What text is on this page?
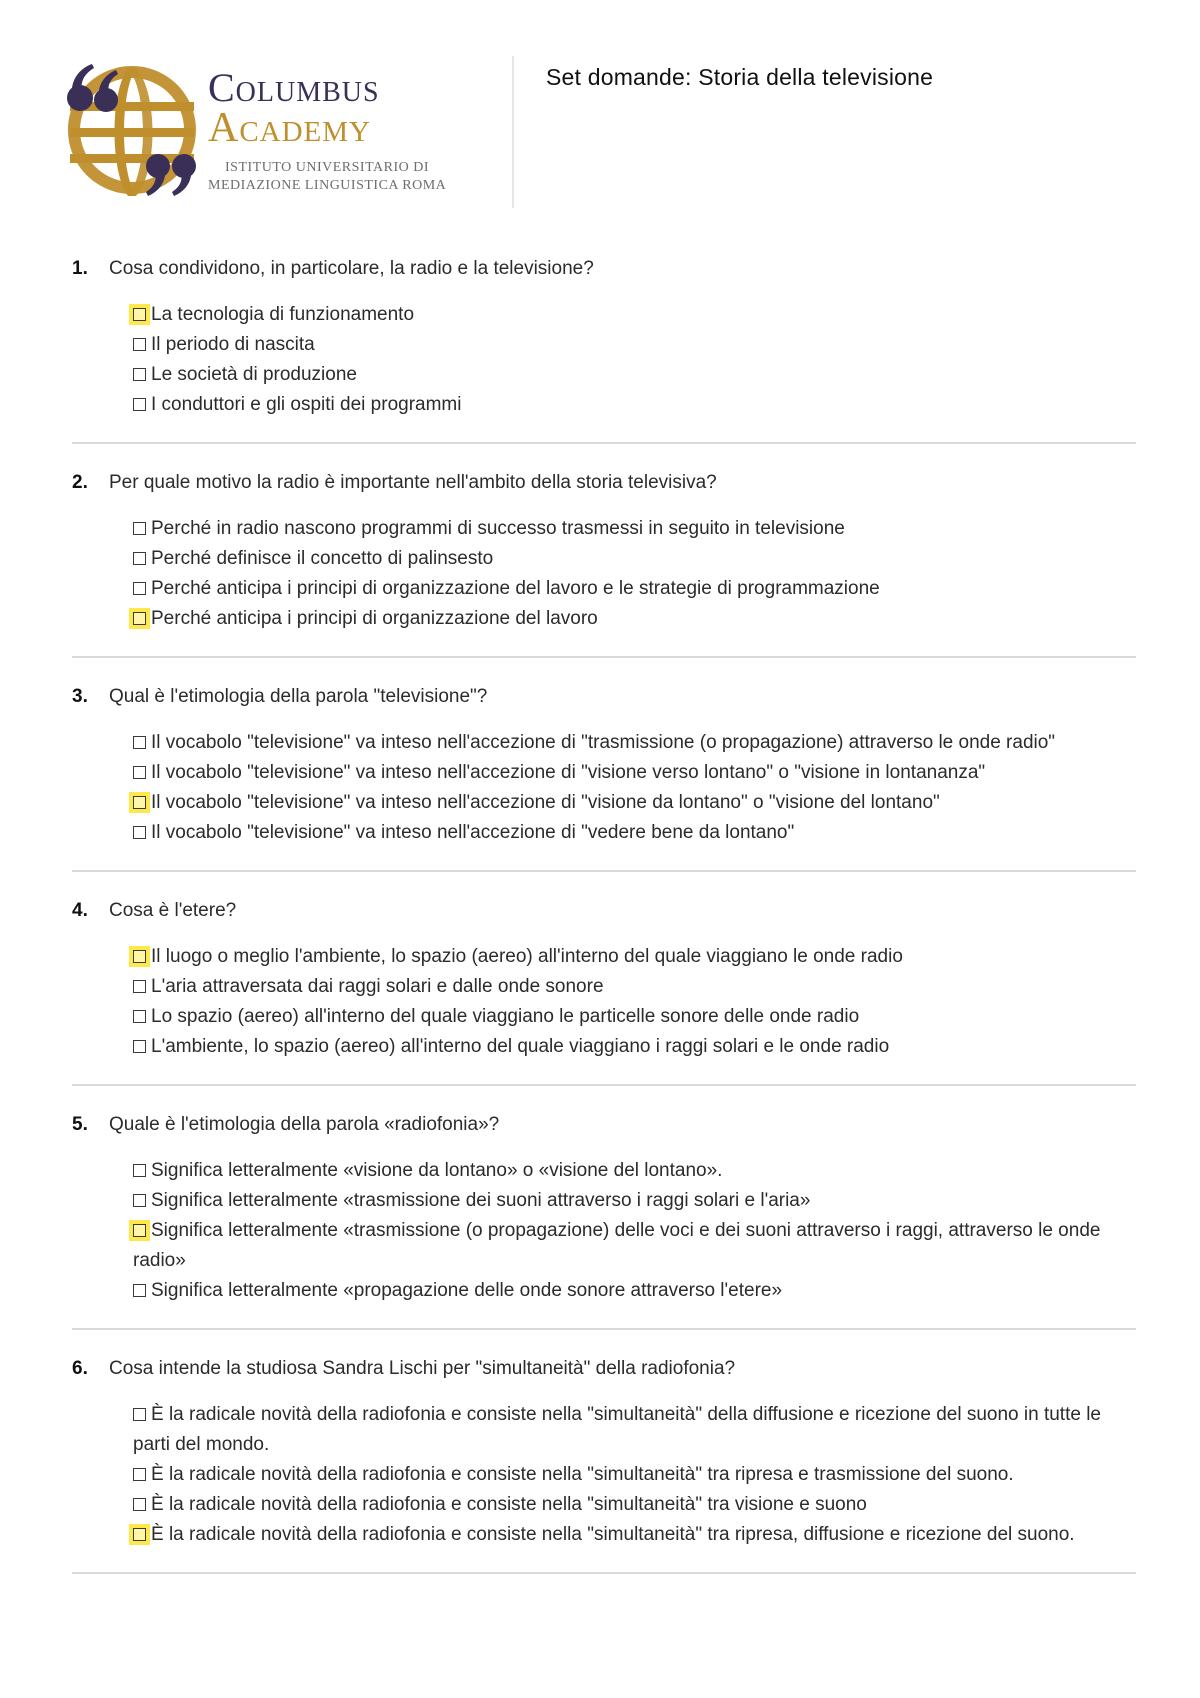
Columbus
Academy
ISTITUTO UNIVERSITARIO DI
MEDIAZIONE LINGUISTICA ROMA
Set domande: Storia della televisione
1.	Cosa condividono, in particolare, la radio e la televisione?
La tecnologia di funzionamento
Il periodo di nascita
Le società di produzione
I conduttori e gli ospiti dei programmi
2.	Per quale motivo la radio è importante nell'ambito della storia televisiva?
Perché in radio nascono programmi di successo trasmessi in seguito in televisione
Perché definisce il concetto di palinsesto
Perché anticipa i principi di organizzazione del lavoro e le strategie di programmazione
Perché anticipa i principi di organizzazione del lavoro
3.	Qual è l'etimologia della parola "televisione"?
Il vocabolo "televisione" va inteso nell'accezione di "trasmissione (o propagazione) attraverso le onde radio"
Il vocabolo "televisione" va inteso nell'accezione di "visione verso lontano" o "visione in lontananza"
Il vocabolo "televisione" va inteso nell'accezione di "visione da lontano" o "visione del lontano"
Il vocabolo "televisione" va inteso nell'accezione di "vedere bene da lontano"
4.	Cosa è l'etere?
Il luogo o meglio l'ambiente, lo spazio (aereo) all'interno del quale viaggiano le onde radio
L'aria attraversata dai raggi solari e dalle onde sonore
Lo spazio (aereo) all'interno del quale viaggiano le particelle sonore delle onde radio
L'ambiente, lo spazio (aereo) all'interno del quale viaggiano i raggi solari e le onde radio
5.	Quale è l'etimologia della parola «radiofonia»?
Significa letteralmente «visione da lontano» o «visione del lontano».
Significa letteralmente «trasmissione dei suoni attraverso i raggi solari e l'aria»
Significa letteralmente «trasmissione (o propagazione) delle voci e dei suoni attraverso i raggi, attraverso le onde radio»
Significa letteralmente «propagazione delle onde sonore attraverso l'etere»
6.	Cosa intende la studiosa Sandra Lischi per "simultaneità" della radiofonia?
È la radicale novità della radiofonia e consiste nella "simultaneità" della diffusione e ricezione del suono in tutte le parti del mondo.
È la radicale novità della radiofonia e consiste nella "simultaneità" tra ripresa e trasmissione del suono.
È la radicale novità della radiofonia e consiste nella "simultaneità" tra visione e suono
È la radicale novità della radiofonia e consiste nella "simultaneità" tra ripresa, diffusione e ricezione del suono.
